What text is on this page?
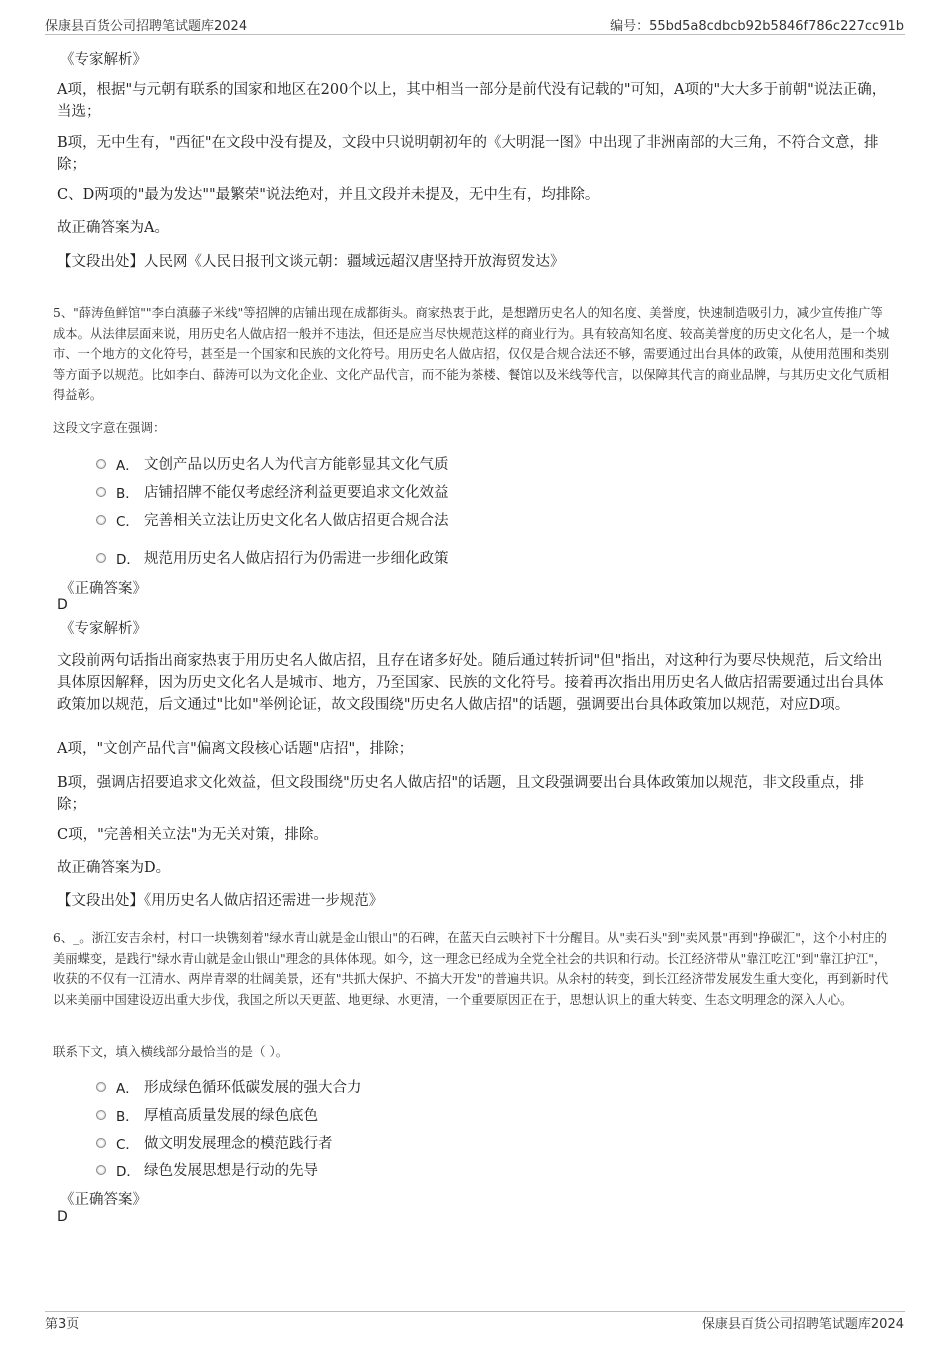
保康县百货公司招聘笔试题库2024	编号：55bd5a8cdbcb92b5846f786c227cc91b
《专家解析》
A项，根据"与元朝有联系的国家和地区在200个以上，其中相当一部分是前代没有记载的"可知，A项的"大大多于前朝"说法正确，当选；
B项，无中生有，"西征"在文段中没有提及，文段中只说明朝初年的《大明混一图》中出现了非洲南部的大三角，不符合文意，排除；
C、D两项的"最为发达""最繁荣"说法绝对，并且文段并未提及，无中生有，均排除。
故正确答案为A。
【文段出处】人民网《人民日报刊文谈元朝：疆域远超汉唐坚持开放海贸发达》
5、"薛涛鱼鲜馆""李白滇藤子米线"等招牌的店铺出现在成都街头。商家热衷于此，是想蹭历史名人的知名度、美誉度，快速制造吸引力，减少宣传推广等成本。从法律层面来说，用历史名人做店招一般并不违法，但还是应当尽快规范这样的商业行为。具有较高知名度、较高美誉度的历史文化名人，是一个城市、一个地方的文化符号，甚至是一个国家和民族的文化符号。用历史名人做店招，仅仅是合规合法还不够，需要通过出台具体的政策，从使用范围和类别等方面予以规范。比如李白、薛涛可以为文化企业、文化产品代言，而不能为茶楼、餐馆以及米线等代言，以保障其代言的商业品牌，与其历史文化气质相得益彰。
这段文字意在强调：
A． 文创产品以历史名人为代言方能彰显其文化气质
B． 店铺招牌不能仅考虑经济利益更要追求文化效益
C． 完善相关立法让历史文化名人做店招更合规合法
D． 规范用历史名人做店招行为仍需进一步细化政策
《正确答案》
D
《专家解析》
文段前两句话指出商家热衷于用历史名人做店招，且存在诸多好处。随后通过转折词"但"指出，对这种行为要尽快规范，后文给出具体原因解释，因为历史文化名人是城市、地方，乃至国家、民族的文化符号。接着再次指出用历史名人做店招需要通过出台具体政策加以规范，后文通过"比如"举例论证，故文段围绕"历史名人做店招"的话题，强调要出台具体政策加以规范，对应D项。
A项，"文创产品代言"偏离文段核心话题"店招"，排除；
B项，强调店招要追求文化效益，但文段围绕"历史名人做店招"的话题，且文段强调要出台具体政策加以规范，非文段重点，排除；
C项，"完善相关立法"为无关对策，排除。
故正确答案为D。
【文段出处】《用历史名人做店招还需进一步规范》
6、_。浙江安吉余村，村口一块镌刻着"绿水青山就是金山银山"的石碑，在蓝天白云映衬下十分醒目。从"卖石头"到"卖风景"再到"挣碳汇"，这个小村庄的美丽蝶变，是践行"绿水青山就是金山银山"理念的具体体现。如今，这一理念已经成为全党全社会的共识和行动。长江经济带从"靠江吃江"到"靠江护江"，收获的不仅有一江清水、两岸青翠的壮阔美景，还有"共抓大保护、不搞大开发"的普遍共识。从余村的转变，到长江经济带发展发生重大变化，再到新时代以来美丽中国建设迈出重大步伐，我国之所以天更蓝、地更绿、水更清，一个重要原因正在于，思想认识上的重大转变、生态文明理念的深入人心。
联系下文，填入横线部分最恰当的是（ ）。
A． 形成绿色循环低碳发展的强大合力
B． 厚植高质量发展的绿色底色
C． 做文明发展理念的模范践行者
D． 绿色发展思想是行动的先导
《正确答案》
D
第3页	保康县百货公司招聘笔试题库2024
